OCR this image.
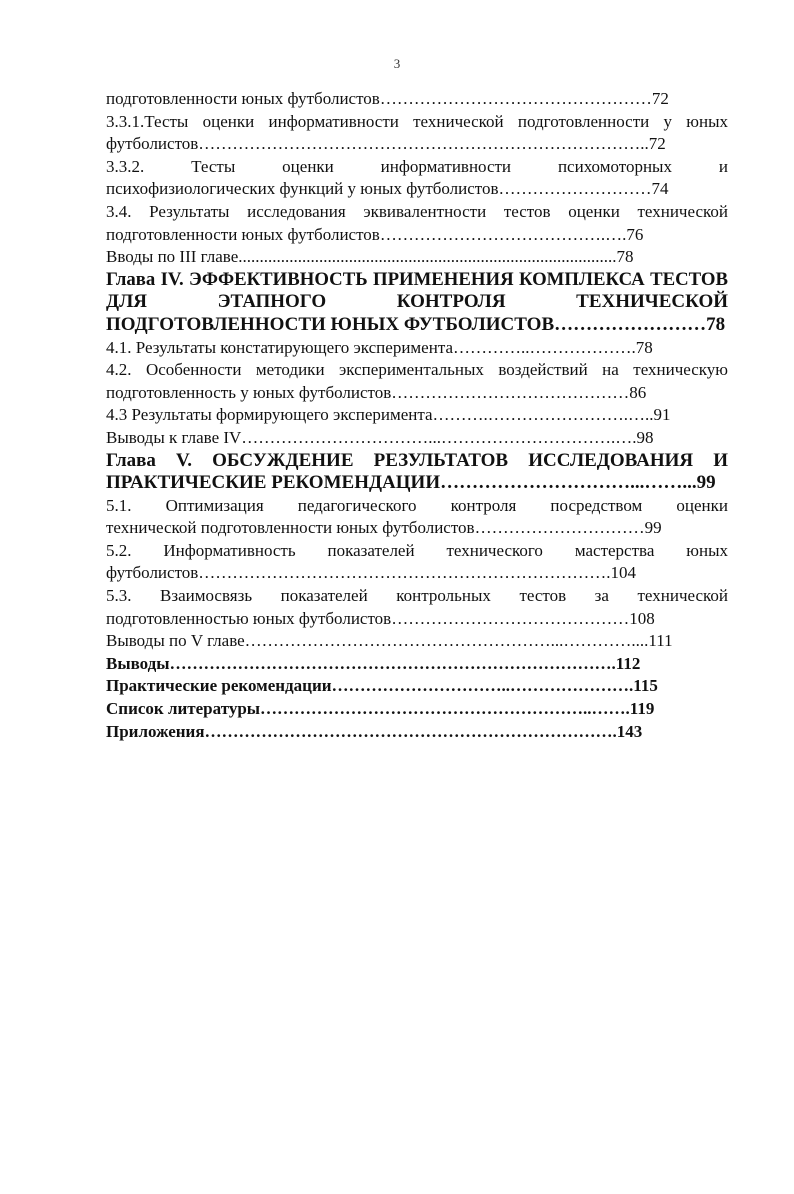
3

подготовленности юных футболистов…………………………………………72

3.3.1.Тесты оценки информативности технической подготовленности у юных

футболистов……………………………………………………………………..72

3.3.2. Тесты оценки информативности психомоторных и

психофизиологических функций у юных футболистов………………………74

3.4. Результаты исследования эквивалентности тестов оценки технической

подготовленности юных футболистов………………………………….….76

Вводы по III главе.........................................................................................78

Глава IV. ЭФФЕКТИВНОСТЬ ПРИМЕНЕНИЯ КОМПЛЕКСА ТЕСТОВ

ДЛЯ ЭТАПНОГО КОНТРОЛЯ ТЕХНИЧЕСКОЙ

ПОДГОТОВЛЕННОСТИ ЮНЫХ ФУТБОЛИСТОВ……………………78

4.1. Результаты констатирующего эксперимента…………..……………….78

4.2. Особенности методики экспериментальных воздействий на техническую

подготовленность у юных футболистов……………………………………86

4.3 Результаты формирующего эксперимента……….…………………….…..91

Выводы к главе IV……………………………...………………………….….98

Глава V. ОБСУЖДЕНИЕ РЕЗУЛЬТАТОВ ИССЛЕДОВАНИЯ И

ПРАКТИЧЕСКИЕ РЕКОМЕНДАЦИИ…………………………...……...99

5.1. Оптимизация педагогического контроля посредством оценки

технической подготовленности юных футболистов…………………………99

5.2. Информативность показателей технического мастерства юных

футболистов……………………………………………………………….104

5.3. Взаимосвязь показателей контрольных тестов за технической

подготовленностью юных футболистов……………………………………108

Выводы по V главе………………………………………………...…………....111

Выводы…………………………………………………………………….112

Практические рекомендации…………………………..………………….115

Список литературы…………………………………………………..…….119

Приложения……………………………………………………………….143
